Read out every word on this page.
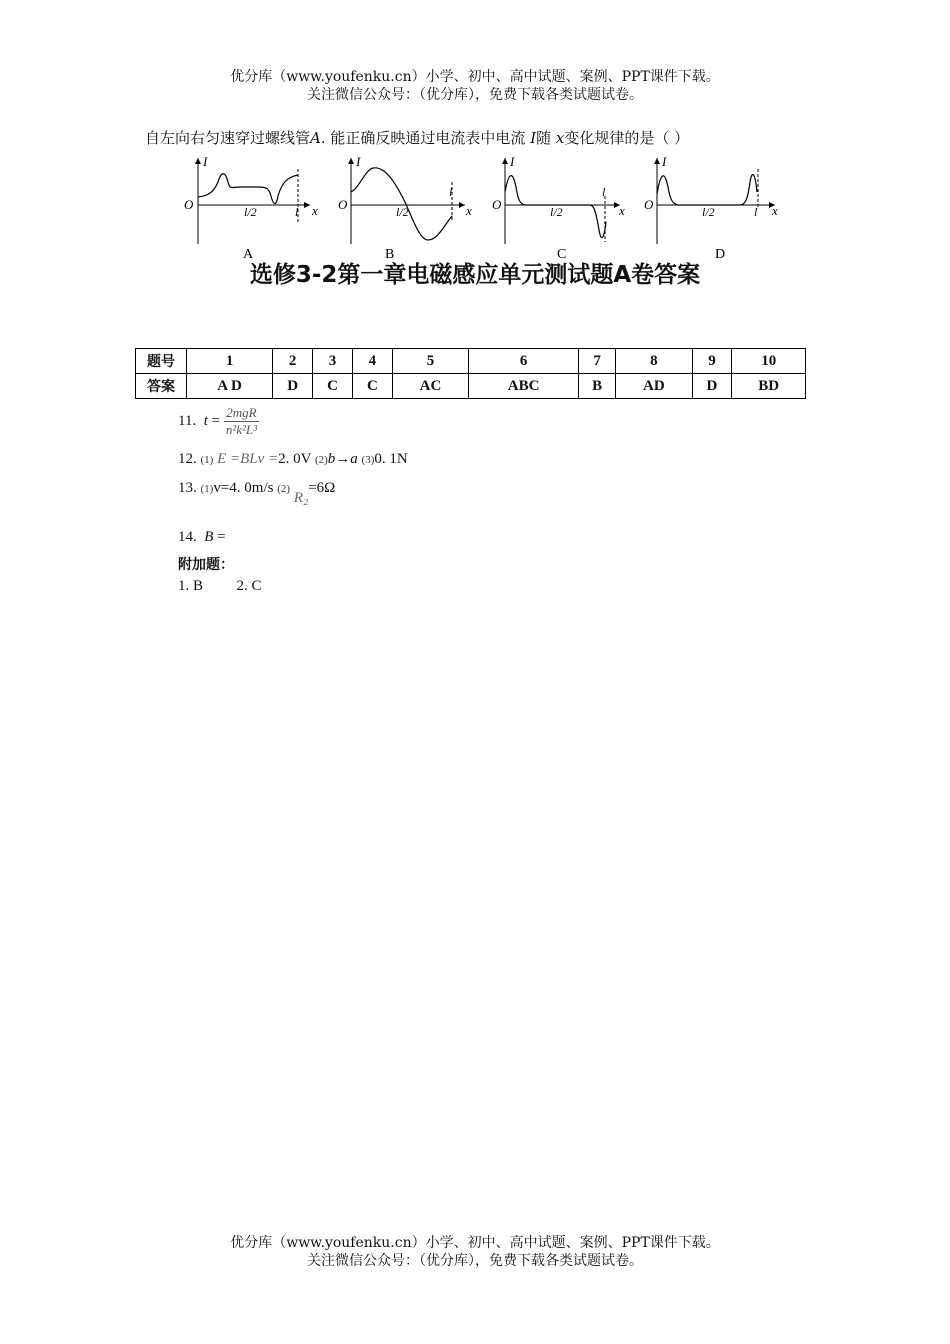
优分库（www.youfenku.cn）小学、初中、高中试题、案例、PPT课件下载。
关注微信公众号：（优分库），免费下载各类试题试卷。
自左向右匀速穿过螺线管A. 能正确反映通过电流表中电流 I随 x变化规律的是（ ）
O
I
x
l/2	l
A
O
I
x
l/2
l
B
O
I
x
l/2
l
C
O
I
x
l/2	l
D
选修3-2第一章电磁感应单元测试题A卷答案
题号	1	2	3	4	5	6	7	8	9	10
答案	A D	D	C	C	AC	ABC	B	AD	D	BD
11. $t = \frac{\text{2mgR}}{\text{n²k²L³}}$
12. (1) E =BLv =2. 0V (2)b→a (3)0. 1N
13. (1)v=4. 0m/s (2) R₂=6Ω
14. B =
附加题：
1. B 2. C
优分库（www.youfenku.cn）小学、初中、高中试题、案例、PPT课件下载。
关注微信公众号：（优分库），免费下载各类试题试卷。
